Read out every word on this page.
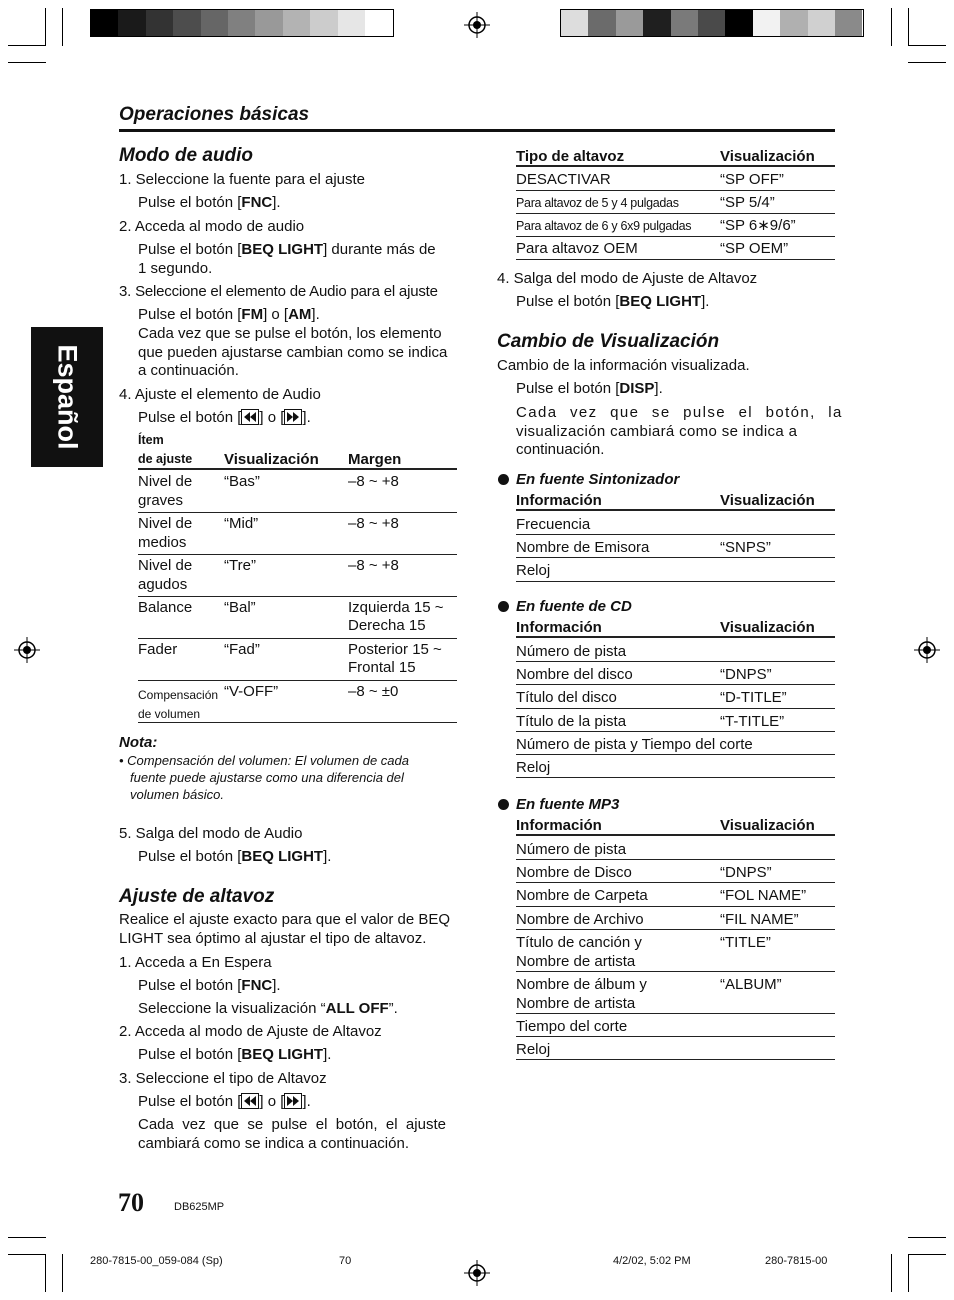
Operaciones básicas
Español
Modo de audio
1. Seleccione la fuente para el ajuste
Pulse el botón [FNC].
2. Acceda al modo de audio
Pulse el botón [BEQ LIGHT] durante más de
1 segundo.
3. Seleccione el elemento de Audio para el ajuste
Pulse el botón [FM] o [AM].
Cada vez que se pulse el botón, los elemento
que pueden ajustarse cambian como se indica
a continuación.
4. Ajuste el elemento de Audio
Pulse el botón [ ] o [ ].
Ítem
de ajuste Visualización Margen
Nivel de
graves
“Bas”	–8 ~ +8
Nivel de
medios
“Mid”	–8 ~ +8
Nivel de
agudos
“Tre”	–8 ~ +8
Balance “Bal”	Izquierda 15 ~
Derecha 15
Fader	“Fad”	Posterior 15 ~
Frontal 15
Compensación
de volumen
“V-OFF”	–8 ~ ±0
Nota:
• Compensación del volumen: El volumen de cada
fuente puede ajustarse como una diferencia del
volumen básico.
5. Salga del modo de Audio
Pulse el botón [BEQ LIGHT].
Ajuste de altavoz
Realice el ajuste exacto para que el valor de BEQ
LIGHT sea óptimo al ajustar el tipo de altavoz.
1. Acceda a En Espera
Pulse el botón [FNC].
Seleccione la visualización “ALL OFF”.
2. Acceda al modo de Ajuste de Altavoz
Pulse el botón [BEQ LIGHT].
3. Seleccione el tipo de Altavoz
Pulse el botón [ ] o [ ].
Cada vez que se pulse el botón, el ajuste
cambiará como se indica a continuación.
Tipo de altavoz	Visualización
DESACTIVAR	“SP OFF”
Para altavoz de 5 y 4 pulgadas	“SP 5/4”
Para altavoz de 6 y 6x9 pulgadas “SP 6∗9/6”
Para altavoz OEM	“SP OEM”
4. Salga del modo de Ajuste de Altavoz
Pulse el botón [BEQ LIGHT].
Cambio de Visualización
Cambio de la información visualizada.
Pulse el botón [DISP].
Cada vez que se pulse el botón, la
visualización cambiará como se indica a
continuación.
En fuente Sintonizador
Información	Visualización
Frecuencia
Nombre de Emisora	“SNPS”
Reloj
En fuente de CD
Información	Visualización
Número de pista
Nombre del disco	“DNPS”
Título del disco	“D-TITLE”
Título de la pista	“T-TITLE”
Número de pista y Tiempo del corte
Reloj
En fuente MP3
Información	Visualización
Número de pista
Nombre de Disco	“DNPS”
Nombre de Carpeta	“FOL NAME”
Nombre de Archivo	“FIL NAME”
Título de canción y
Nombre de artista
“TITLE”
Nombre de álbum y
Nombre de artista
“ALBUM”
Tiempo del corte
Reloj
70	DB625MP
280-7815-00_059-084 (Sp)	70	4/2/02, 5:02 PM	280-7815-00
